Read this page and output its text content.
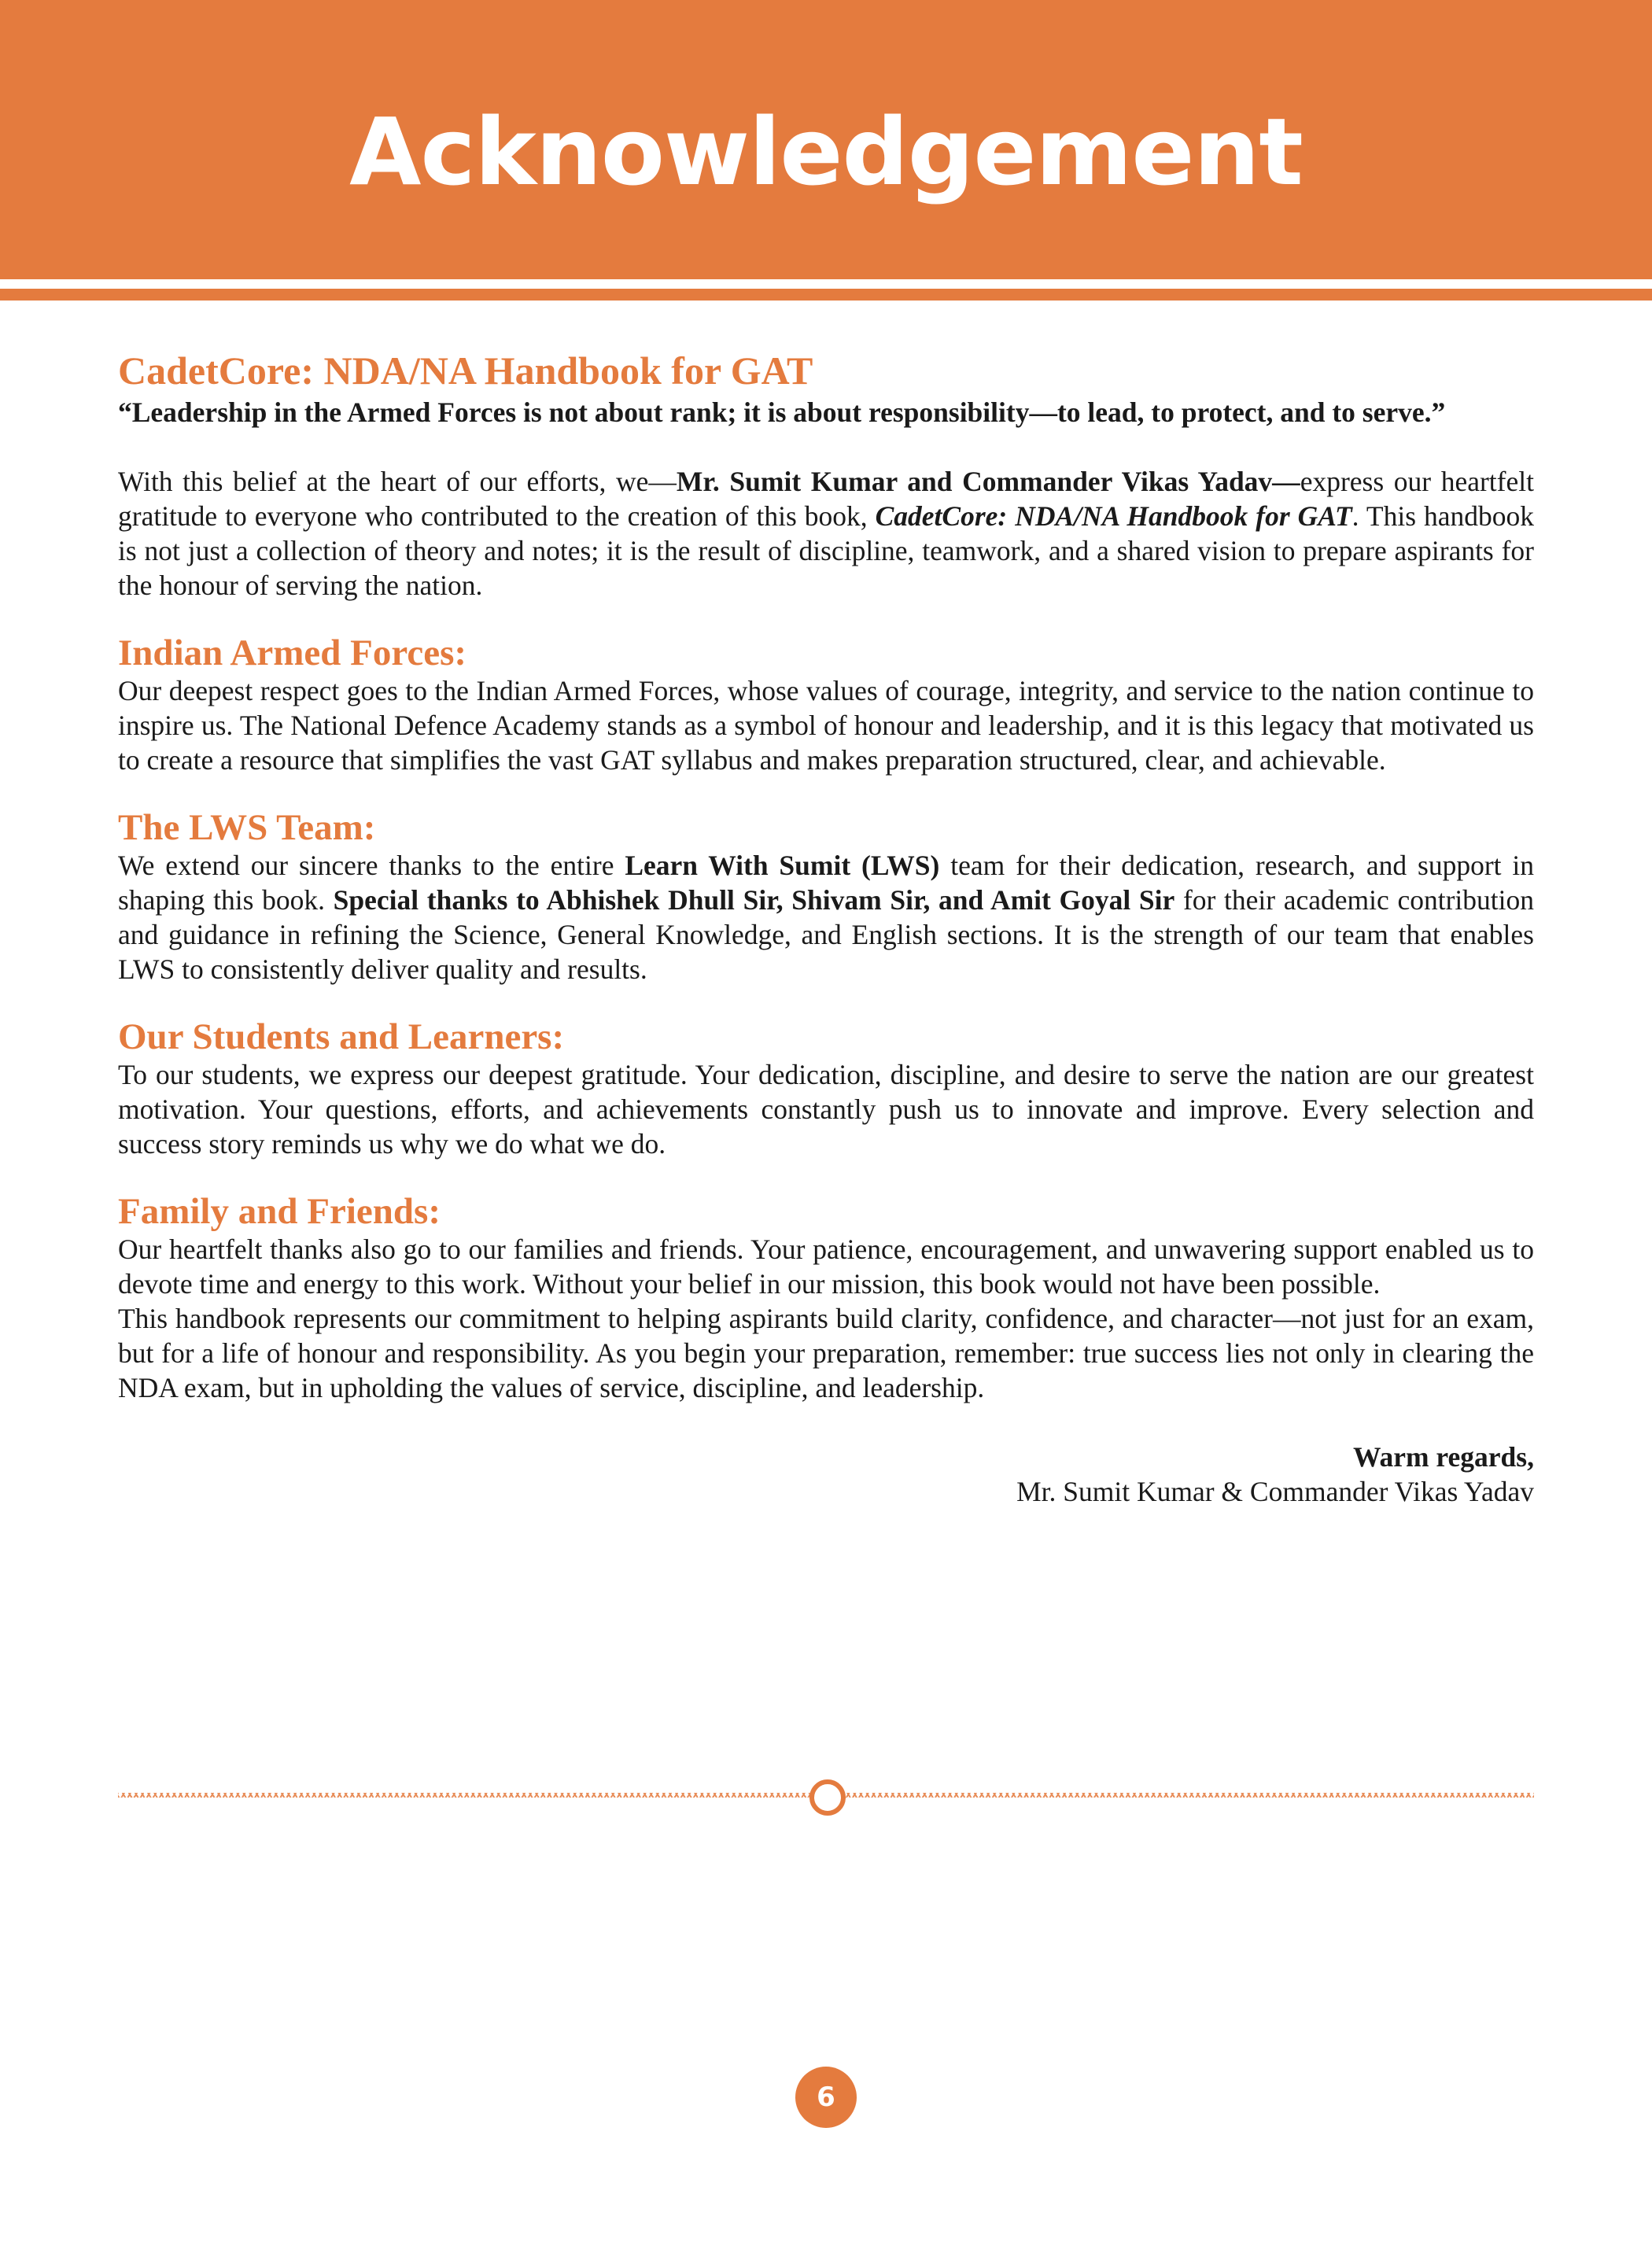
Acknowledgement

CadetCore: NDA/NA Handbook for GAT

“Leadership in the Armed Forces is not about rank; it is about responsibility—to lead, to protect, and to serve.”

With this belief at the heart of our efforts, we—Mr. Sumit Kumar and Commander Vikas Yadav—express our heartfelt gratitude to everyone who contributed to the creation of this book, CadetCore: NDA/NA Handbook for GAT. This handbook is not just a collection of theory and notes; it is the result of discipline, teamwork, and a shared vision to prepare aspirants for the honour of serving the nation.

Indian Armed Forces:

Our deepest respect goes to the Indian Armed Forces, whose values of courage, integrity, and service to the nation continue to inspire us. The National Defence Academy stands as a symbol of honour and leadership, and it is this legacy that motivated us to create a resource that simplifies the vast GAT syllabus and makes preparation structured, clear, and achievable.

The LWS Team:

We extend our sincere thanks to the entire Learn With Sumit (LWS) team for their dedication, research, and support in shaping this book. Special thanks to Abhishek Dhull Sir, Shivam Sir, and Amit Goyal Sir for their academic contribution and guidance in refining the Science, General Knowledge, and English sections. It is the strength of our team that enables LWS to consistently deliver quality and results.

Our Students and Learners:

To our students, we express our deepest gratitude. Your dedication, discipline, and desire to serve the nation are our greatest motivation. Your questions, efforts, and achievements constantly push us to innovate and improve. Every selection and success story reminds us why we do what we do.

Family and Friends:

Our heartfelt thanks also go to our families and friends. Your patience, encouragement, and unwavering support enabled us to devote time and energy to this work. Without your belief in our mission, this book would not have been possible.

This handbook represents our commitment to helping aspirants build clarity, confidence, and character—not just for an exam, but for a life of honour and responsibility. As you begin your preparation, remember: true success lies not only in clearing the NDA exam, but in upholding the values of service, discipline, and leadership.

Warm regards,
Mr. Sumit Kumar & Commander Vikas Yadav
6
